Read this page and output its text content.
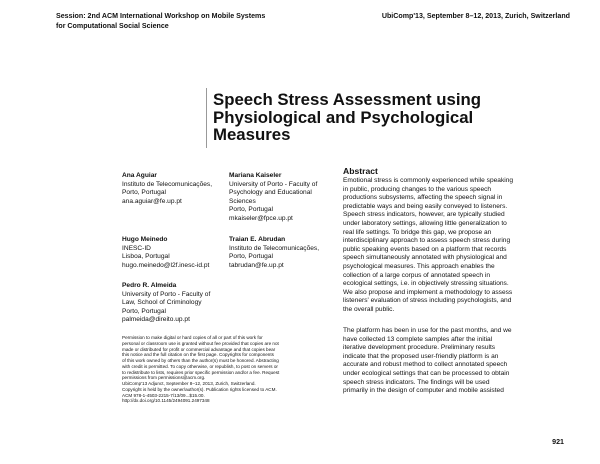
Session: 2nd ACM International Workshop on Mobile Systems
for Computational Social Science
UbiComp'13, September 8–12, 2013, Zurich, Switzerland
Speech Stress Assessment using
Physiological and Psychological
Measures
Ana Aguiar
Instituto de Telecomunicações,
Porto, Portugal
ana.aguiar@fe.up.pt
Mariana Kaiseler
University of Porto - Faculty of
Psychology and Educational
Sciences
Porto, Portugal
mkaiseler@fpce.up.pt
Hugo Meinedo
INESC-ID
Lisboa, Portugal
hugo.meinedo@l2f.inesc-id.pt
Traian E. Abrudan
Instituto de Telecomunicações,
Porto, Portugal
tabrudan@fe.up.pt
Pedro R. Almeida
University of Porto - Faculty of
Law, School of Criminology
Porto, Portugal
palmeida@direito.up.pt
Permission to make digital or hard copies of all or part of this work for
personal or classroom use is granted without fee provided that copies are not
made or distributed for profit or commercial advantage and that copies bear
this notice and the full citation on the first page. Copyrights for components
of this work owned by others than the author(s) must be honored. Abstracting
with credit is permitted. To copy otherwise, or republish, to post on servers or
to redistribute to lists, requires prior specific permission and/or a fee. Request
permissions from permissions@acm.org.
UbiComp'13 Adjunct, September 8–12, 2013, Zurich, Switzerland.
Copyright is held by the owner/author(s). Publication rights licensed to ACM.
ACM 978-1-4503-2215-7/13/09...$15.00.
http://dx.doi.org/10.1145/2494091.2497348
Abstract
Emotional stress is commonly experienced while speaking
in public, producing changes to the various speech
productions subsystems, affecting the speech signal in
predictable ways and being easily conveyed to listeners.
Speech stress indicators, however, are typically studied
under laboratory settings, allowing little generalization to
real life settings. To bridge this gap, we propose an
interdisciplinary approach to assess speech stress during
public speaking events based on a platform that records
speech simultaneously annotated with physiological and
psychological measures. This approach enables the
collection of a large corpus of annotated speech in
ecological settings, i.e. in objectively stressing situations.
We also propose and implement a methodology to assess
listeners' evaluation of stress including psychologists, and
the overall public.
The platform has been in use for the past months, and we
have collected 13 complete samples after the initial
iterative development procedure. Preliminary results
indicate that the proposed user-friendly platform is an
accurate and robust method to collect annotated speech
under ecological settings that can be processed to obtain
speech stress indicators. The findings will be used
primarily in the design of computer and mobile assisted
921
